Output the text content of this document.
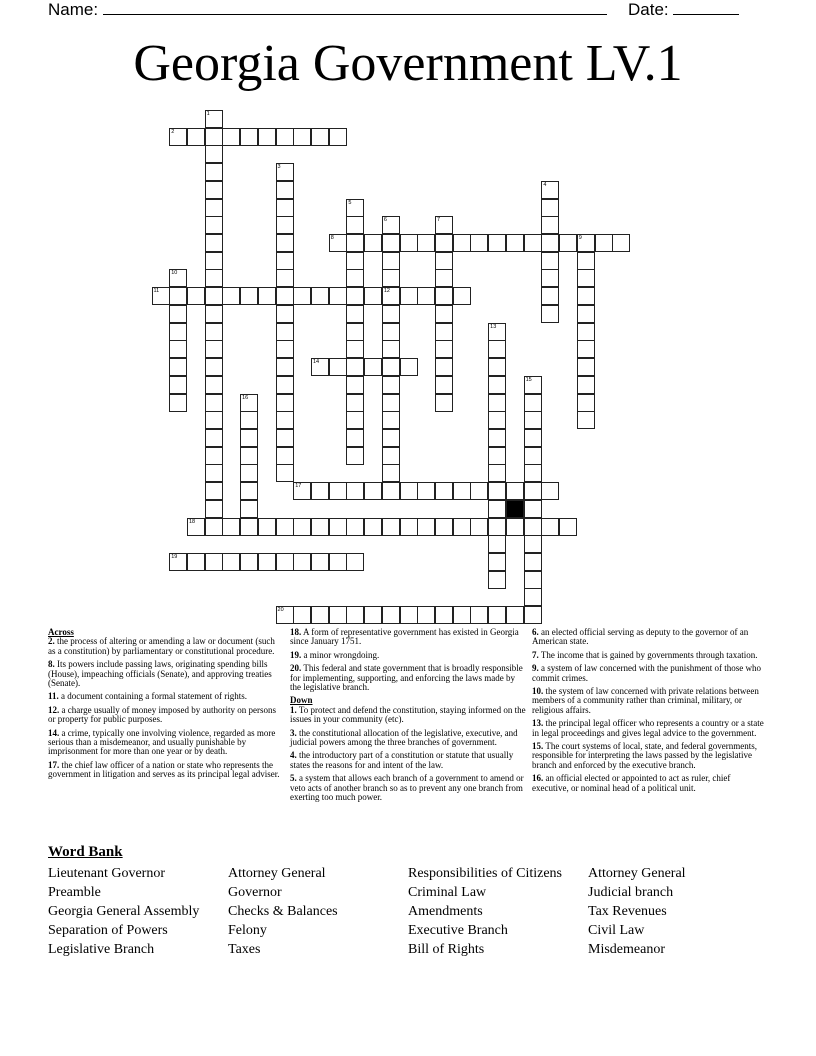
Name:	Date:
Georgia Government LV.1
1
2
3
4
5
6
12
7
8	9
10
11
13
14
15
16
17
18
19
20

Across

2. the process of altering or amending a law or document (such as a constitution) by parliamentary or constitutional procedure.

8. Its powers include passing laws, originating spending bills (House), impeaching officials (Senate), and approving treaties (Senate).

11. a document containing a formal statement of rights.

12. a charge usually of money imposed by authority on persons or property for public purposes.

14. a crime, typically one involving violence, regarded as more serious than a misdemeanor, and usually punishable by imprisonment for more than one year or by death.

17. the chief law officer of a nation or state who represents the government in litigation and serves as its principal legal adviser.

18. A form of representative government has existed in Georgia since January 1751.

19. a minor wrongdoing.

20. This federal and state government that is broadly responsible for implementing, supporting, and enforcing the laws made by the legislative branch.

Down

1. To protect and defend the constitution, staying informed on the issues in your community (etc).

3. the constitutional allocation of the legislative, executive, and judicial powers among the three branches of government.

4. the introductory part of a constitution or statute that usually states the reasons for and intent of the law.

5. a system that allows each branch of a government to amend or veto acts of another branch so as to prevent any one branch from exerting too much power.

6. an elected official serving as deputy to the governor of an American state.

7. The income that is gained by governments through taxation.

9. a system of law concerned with the punishment of those who commit crimes.

10. the system of law concerned with private relations between members of a community rather than criminal, military, or religious affairs.

13. the principal legal officer who represents a country or a state in legal proceedings and gives legal advice to the government.

15. The court systems of local, state, and federal governments, responsible for interpreting the laws passed by the legislative branch and enforced by the executive branch.

16. an official elected or appointed to act as ruler, chief executive, or nominal head of a political unit.

Word Bank
Lieutenant Governor
Preamble
Georgia General Assembly
Separation of Powers
Legislative Branch
Attorney General
Governor
Checks & Balances
Felony
Taxes
Responsibilities of Citizens
Criminal Law
Amendments
Executive Branch
Bill of Rights
Attorney General
Judicial branch
Tax Revenues
Civil Law
Misdemeanor
